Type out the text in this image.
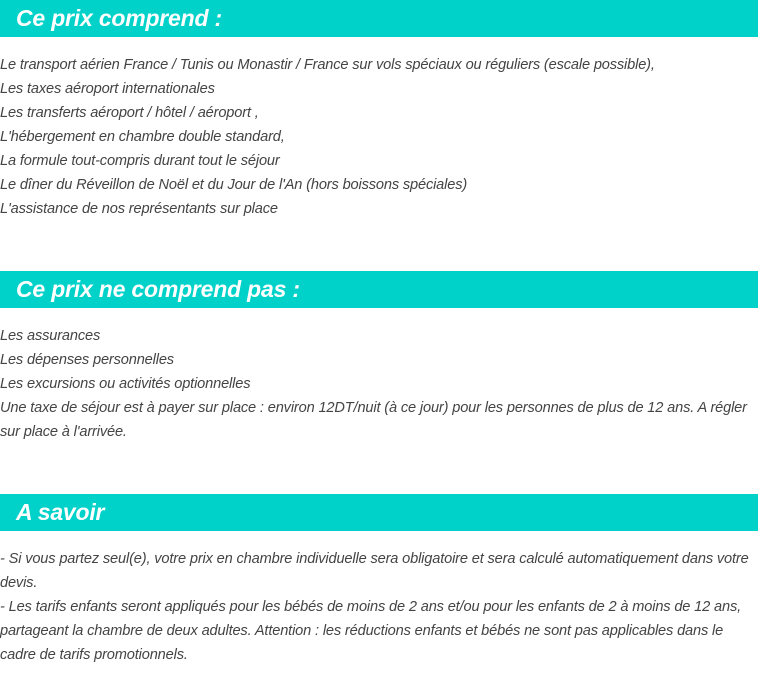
Ce prix comprend :

Le transport aérien France / Tunis ou Monastir / France sur vols spéciaux ou réguliers (escale possible),

Les taxes aéroport internationales

Les transferts aéroport / hôtel / aéroport ,

L'hébergement en chambre double standard,

La formule tout-compris durant tout le séjour

Le dîner du Réveillon de Noël et du Jour de l'An (hors boissons spéciales)

L'assistance de nos représentants sur place

Ce prix ne comprend pas :

Les assurances

Les dépenses personnelles

Les excursions ou activités optionnelles

Une taxe de séjour est à payer sur place : environ 12DT/nuit (à ce jour) pour les personnes de plus de 12 ans. A régler sur place à l'arrivée.

A savoir

- Si vous partez seul(e), votre prix en chambre individuelle sera obligatoire et sera calculé automatiquement dans votre devis.

- Les tarifs enfants seront appliqués pour les bébés de moins de 2 ans et/ou pour les enfants de 2 à moins de 12 ans, partageant la chambre de deux adultes. Attention : les réductions enfants et bébés ne sont pas applicables dans le cadre de tarifs promotionnels.
